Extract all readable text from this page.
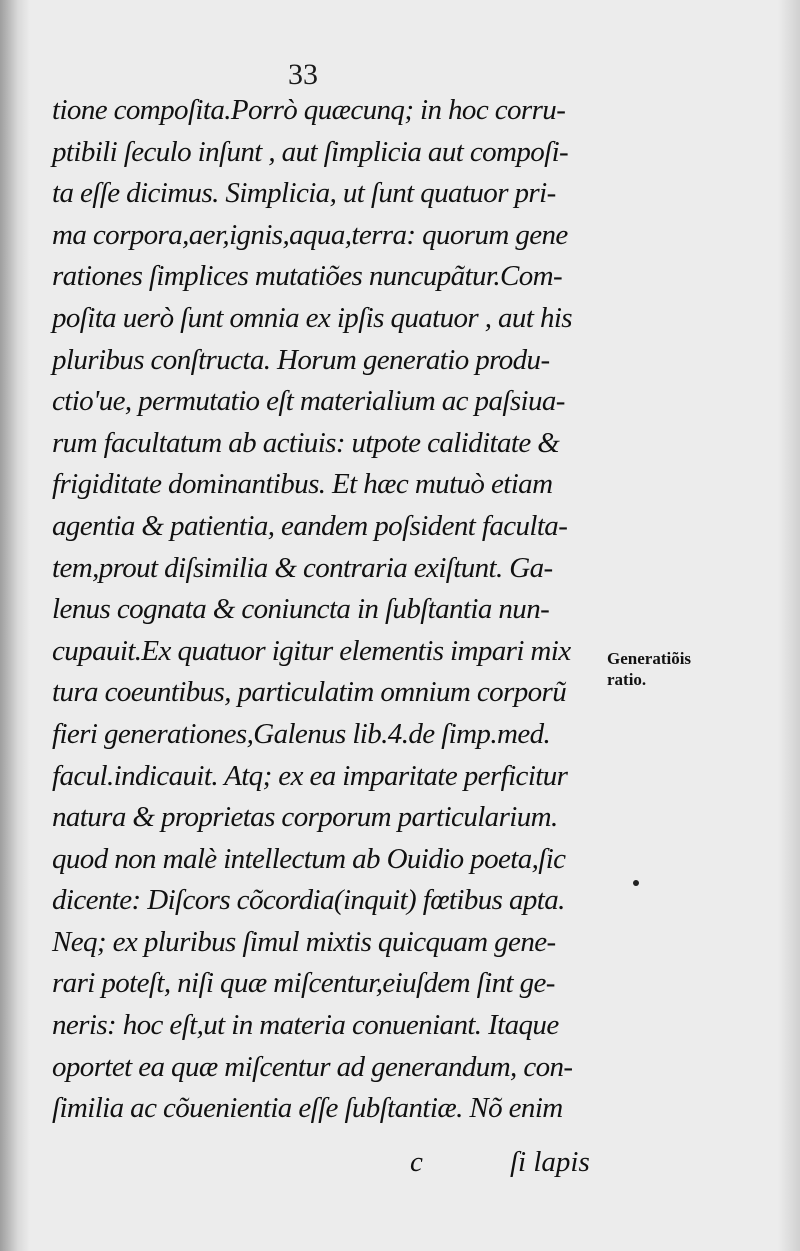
33
tione compoſita.Porrò quæcunq; in hoc corru-
ptibili ſeculo inſunt , aut ſimplicia aut compoſi-
ta eſſe dicimus. Simplicia, ut ſunt quatuor pri-
ma corpora,aer,ignis,aqua,terra: quorum gene
rationes ſimplices mutatiões nuncupãtur.Com-
poſita uerò ſunt omnia ex ipſis quatuor , aut his
pluribus conſtructa. Horum generatio produ-
ctio'ue, permutatio eſt materialium ac paſsiua-
rum facultatum ab actiuis: utpote caliditate &
frigiditate dominantibus. Et hæc mutuò etiam
agentia & patientia, eandem poſsident faculta-
tem,prout diſsimilia & contraria exiſtunt. Ga-
lenus cognata & coniuncta in ſubſtantia nun-
cupauit.Ex quatuor igitur elementis impari mix
tura coeuntibus, particulatim omnium corporũ
fieri generationes,Galenus lib.4.de ſimp.med.
facul.indicauit. Atq; ex ea imparitate perficitur
natura & proprietas corporum particularium.
quod non malè intellectum ab Ouidio poeta,ſic
dicente: Diſcors cõcordia(inquit) fœtibus apta.
Neq; ex pluribus ſimul mixtis quicquam gene-
rari poteſt, niſi quæ miſcentur,eiuſdem ſint ge-
neris: hoc eſt,ut in materia conueniant. Itaque
oportet ea quæ miſcentur ad generandum, con-
ſimilia ac cõuenientia eſſe ſubſtantiæ. Nõ enim
Generatiõis
ratio.
c	ſi lapis
